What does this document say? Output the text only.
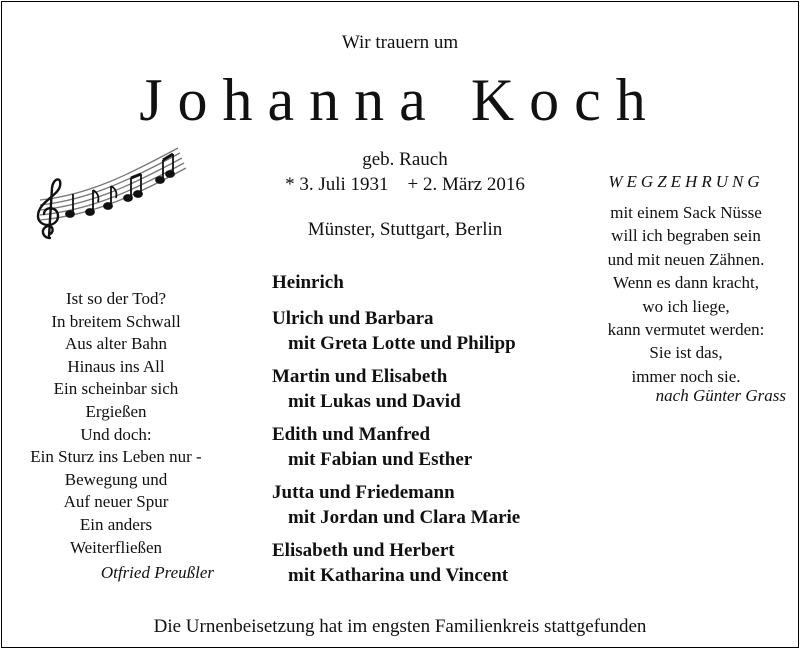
Wir trauern um
Johanna Koch
geb. Rauch
* 3. Juli 1931    + 2. März 2016
Münster, Stuttgart, Berlin
Ist so der Tod?
In breitem Schwall
Aus alter Bahn
Hinaus ins All
Ein scheinbar sich
Ergießen
Und doch:
Ein Sturz ins Leben nur -
Bewegung und
Auf neuer Spur
Ein anders
Weiterfließen
Otfried Preußler
WEGZEHRUNG
mit einem Sack Nüsse
will ich begraben sein
und mit neuen Zähnen.
Wenn es dann kracht,
wo ich liege,
kann vermutet werden:
Sie ist das,
immer noch sie.
nach Günter Grass
Heinrich
Ulrich und Barbara
mit Greta Lotte und Philipp
Martin und Elisabeth
mit Lukas und David
Edith und Manfred
mit Fabian und Esther
Jutta und Friedemann
mit Jordan und Clara Marie
Elisabeth und Herbert
mit Katharina und Vincent
Die Urnenbeisetzung hat im engsten Familienkreis stattgefunden
